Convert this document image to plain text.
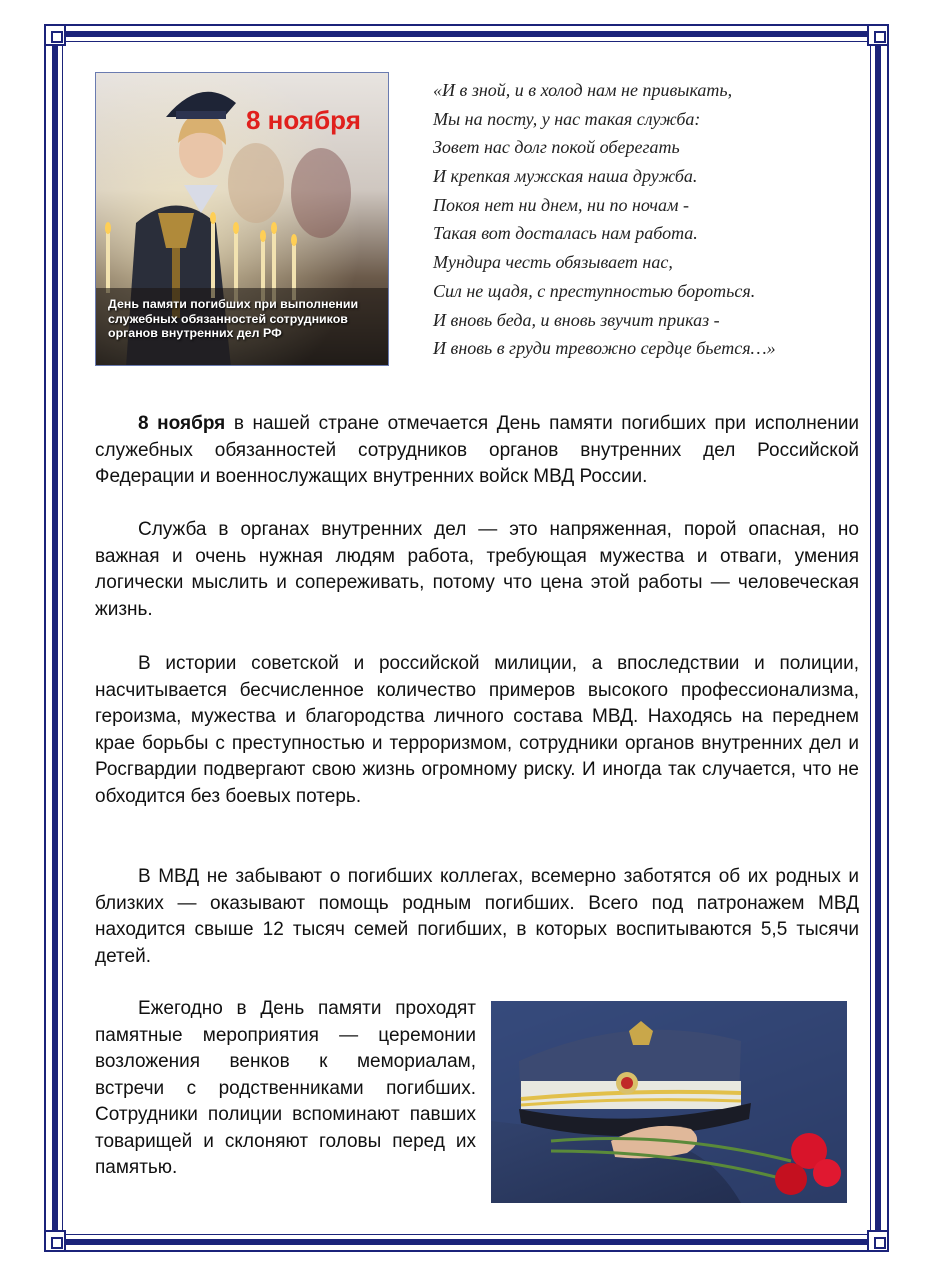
8 ноября
День памяти погибших при выполнении служебных обязанностей сотрудников органов внутренних дел РФ
«И в зной, и в холод нам не привыкать,
Мы на посту, у нас такая служба:
Зовет нас долг покой оберегать
И крепкая мужская наша дружба.
Покоя нет ни днем, ни по ночам -
Такая вот досталась нам работа.
Мундира честь обязывает нас,
Сил не щадя, с преступностью бороться.
И вновь беда, и вновь звучит приказ -
И вновь в груди тревожно сердце бьется…»

8 ноября в нашей стране отмечается День памяти погибших при исполнении служебных обязанностей сотрудников органов внутренних дел Российской Федерации и военнослужащих внутренних войск МВД России.

Служба в органах внутренних дел — это напряженная, порой опасная, но важная и очень нужная людям работа, требующая мужества и отваги, умения логически мыслить и сопереживать, потому что цена этой работы — человеческая жизнь.

В истории советской и российской милиции, а впоследствии и полиции, насчитывается бесчисленное количество примеров высокого профессионализма, героизма, мужества и благородства личного состава МВД. Находясь на переднем крае борьбы с преступностью и терроризмом, сотрудники органов внутренних дел и Росгвардии подвергают свою жизнь огромному риску. И иногда так случается, что не обходится без боевых потерь.

В МВД не забывают о погибших коллегах, всемерно заботятся об их родных и близких — оказывают помощь родным погибших. Всего под патронажем МВД находится свыше 12 тысяч семей погибших, в которых воспитываются 5,5 тысячи детей.

Ежегодно в День памяти проходят памятные мероприятия — церемонии возложения венков к мемориалам, встречи с родственниками погибших. Сотрудники полиции вспоминают павших товарищей и склоняют головы перед их памятью.
